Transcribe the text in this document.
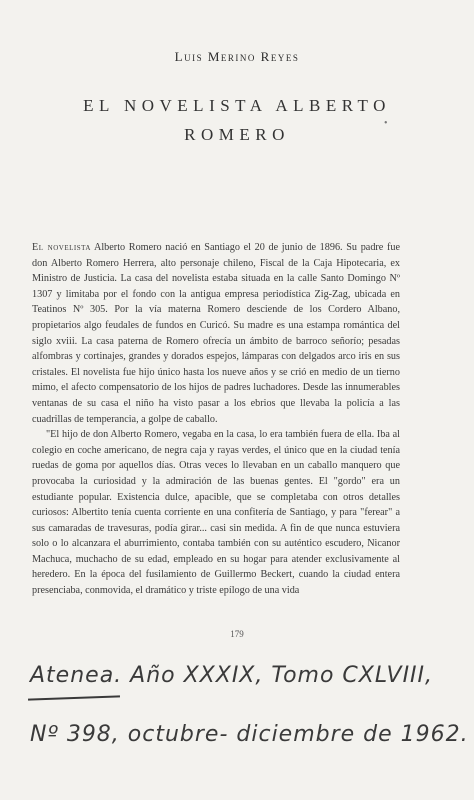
Luis Merino Reyes
EL NOVELISTA ALBERTO
ROMERO
•

El novelista Alberto Romero nació en Santiago el 20 de junio de 1896. Su padre fue don Alberto Romero Herrera, alto personaje chileno, Fiscal de la Caja Hipotecaria, ex Ministro de Justicia. La casa del novelista estaba situada en la calle Santo Domingo Nº 1307 y limitaba por el fondo con la antigua empresa periodística Zig-Zag, ubicada en Teatinos Nº 305. Por la vía materna Romero desciende de los Cordero Albano, propietarios algo feudales de fundos en Curicó. Su madre es una estampa romántica del siglo xviii. La casa paterna de Romero ofrecía un ámbito de barroco señorío; pesadas alfombras y cortinajes, grandes y dorados espejos, lámparas con delgados arco iris en sus cristales. El novelista fue hijo único hasta los nueve años y se crió en medio de un tierno mimo, el afecto compensatorio de los hijos de padres luchadores. Desde las innumerables ventanas de su casa el niño ha visto pasar a los ebrios que llevaba la policía a las cuadrillas de temperancia, a golpe de caballo.

"El hijo de don Alberto Romero, vegaba en la casa, lo era también fuera de ella. Iba al colegio en coche americano, de negra caja y rayas verdes, el único que en la ciudad tenía ruedas de goma por aquellos días. Otras veces lo llevaban en un caballo manquero que provocaba la curiosidad y la admiración de las buenas gentes. El "gordo" era un estudiante popular. Existencia dulce, apacible, que se completaba con otros detalles curiosos: Albertito tenía cuenta corriente en una confitería de Santiago, y para "ferear" a sus camaradas de travesuras, podía girar... casi sin medida. A fin de que nunca estuviera solo o lo alcanzara el aburrimiento, contaba también con su auténtico escudero, Nicanor Machuca, muchacho de su edad, empleado en su hogar para atender exclusivamente al heredero. En la época del fusilamiento de Guillermo Beckert, cuando la ciudad entera presenciaba, conmovida, el dramático y triste epílogo de una vida

179
Atenea. Año XXXIX, Tomo CXLVIII,
Nº 398, octubre- diciembre de 1962.
